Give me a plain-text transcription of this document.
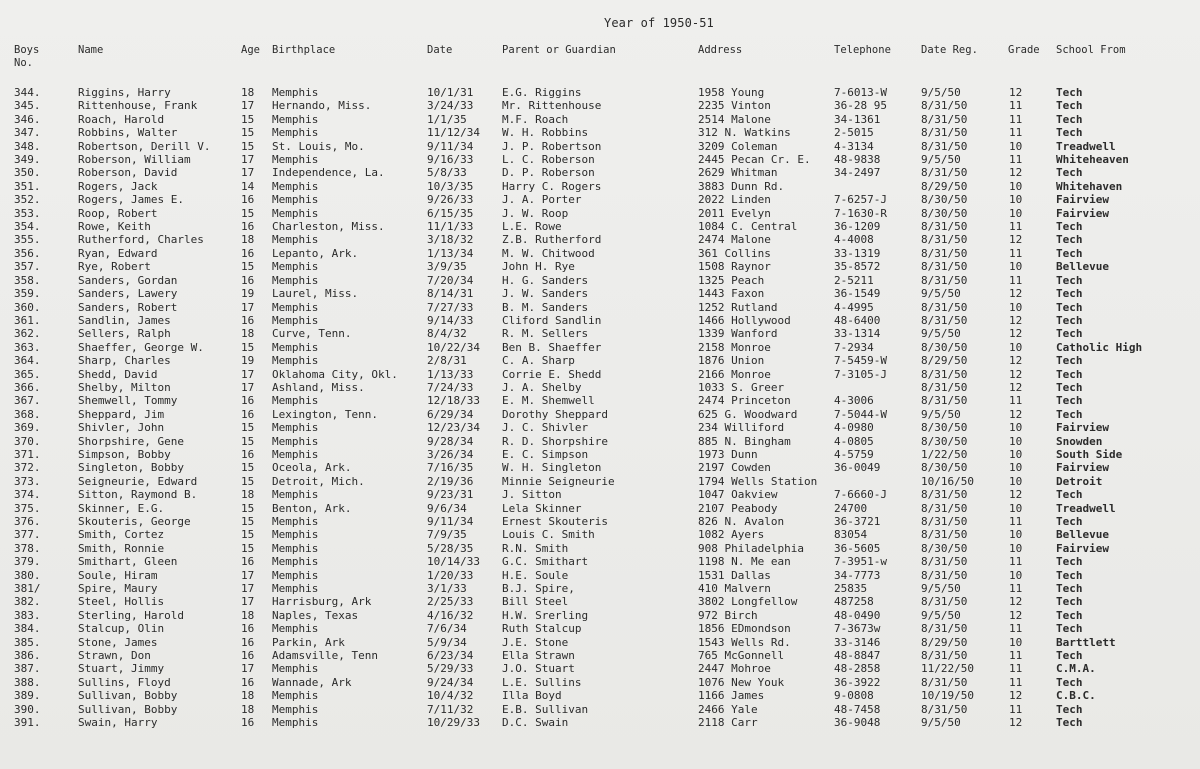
Year of 1950-51
Boys
No.
Name	Age Birthplace	Date	Parent or Guardian	Address	Telephone	Date Reg.	Grade School From
344.	Riggins, Harry	18 Memphis	10/1/31	E.G. Riggins	1958 Young	7-6013-W	9/5/50	12	Tech
345.	Rittenhouse, Frank	17 Hernando, Miss.	3/24/33	Mr. Rittenhouse	2235 Vinton	36-28 95	8/31/50	11	Tech
346.	Roach, Harold	15 Memphis	1/1/35	M.F. Roach	2514 Malone	34-1361	8/31/50	11	Tech
347.	Robbins, Walter	15 Memphis	11/12/34 W. H. Robbins	312 N. Watkins	2-5015	8/31/50	11	Tech
348.	Robertson, Derill V.	15 St. Louis, Mo.	9/11/34	J. P. Robertson	3209 Coleman	4-3134	8/31/50	10	Treadwell
349.	Roberson, William	17 Memphis	9/16/33	L. C. Roberson	2445 Pecan Cr. E. 48-9838	9/5/50	11	Whiteheaven
350.	Roberson, David	17 Independence, La.	5/8/33	D. P. Roberson	2629 Whitman	34-2497	8/31/50	12	Tech
351.	Rogers, Jack	14 Memphis	10/3/35	Harry C. Rogers	3883 Dunn Rd.	8/29/50	10	Whitehaven
352.	Rogers, James E.	16 Memphis	9/26/33	J. A. Porter	2022 Linden	7-6257-J	8/30/50	10	Fairview
353.	Roop, Robert	15 Memphis	6/15/35	J. W. Roop	2011 Evelyn	7-1630-R	8/30/50	10	Fairview
354.	Rowe, Keith	16 Charleston, Miss.	11/1/33	L.E. Rowe	1084 C. Central	36-1209	8/31/50	11	Tech
355.	Rutherford, Charles	18 Memphis	3/18/32	Z.B. Rutherford	2474 Malone	4-4008	8/31/50	12	Tech
356.	Ryan, Edward	16 Lepanto, Ark.	1/13/34	M. W. Chitwood	361 Collins	33-1319	8/31/50	11	Tech
357.	Rye, Robert	15 Memphis	3/9/35	John H. Rye	1508 Raynor	35-8572	8/31/50	10	Bellevue
358.	Sanders, Gordan	16 Memphis	7/20/34	H. G. Sanders	1325 Peach	2-5211	8/31/50	11	Tech
359.	Sanders, Lawery	19 Laurel, Miss.	8/14/31	J. W. Sanders	1443 Faxon	36-1549	9/5/50	12	Tech
360.	Sanders, Robert	17 Memphis	7/27/33	B. M. Sanders	1252 Rutland	4-4995	8/31/50	10	Tech
361.	Sandlin, James	16 Memphis	9/14/33	Cliford Sandlin	1466 Hollywood	48-6400	8/31/50	12	Tech
362.	Sellers, Ralph	18 Curve, Tenn.	8/4/32	R. M. Sellers	1339 Wanford	33-1314	9/5/50	12	Tech
363.	Shaeffer, George W.	15 Memphis	10/22/34 Ben B. Shaeffer	2158 Monroe	7-2934	8/30/50	10	Catholic High
364.	Sharp, Charles	19 Memphis	2/8/31	C. A. Sharp	1876 Union	7-5459-W	8/29/50	12	Tech
365.	Shedd, David	17 Oklahoma City, Okl.	1/13/33	Corrie E. Shedd	2166 Monroe	7-3105-J	8/31/50	12	Tech
366.	Shelby, Milton	17 Ashland, Miss.	7/24/33	J. A. Shelby	1033 S. Greer	8/31/50	12	Tech
367.	Shemwell, Tommy	16 Memphis	12/18/33 E. M. Shemwell	2474 Princeton	4-3006	8/31/50	11	Tech
368.	Sheppard, Jim	16 Lexington, Tenn.	6/29/34	Dorothy Sheppard	625 G. Woodward	7-5044-W	9/5/50	12	Tech
369.	Shivler, John	15 Memphis	12/23/34 J. C. Shivler	234 Williford	4-0980	8/30/50	10	Fairview
370.	Shorpshire, Gene	15 Memphis	9/28/34	R. D. Shorpshire	885 N. Bingham	4-0805	8/30/50	10	Snowden
371.	Simpson, Bobby	16 Memphis	3/26/34	E. C. Simpson	1973 Dunn	4-5759	1/22/50	10	South Side
372.	Singleton, Bobby	15 Oceola, Ark.	7/16/35	W. H. Singleton	2197 Cowden	36-0049	8/30/50	10	Fairview
373.	Seigneurie, Edward	15 Detroit, Mich.	2/19/36	Minnie Seigneurie	1794 Wells Station	10/16/50	10	Detroit
374.	Sitton, Raymond B.	18 Memphis	9/23/31	J. Sitton	1047 Oakview	7-6660-J	8/31/50	12	Tech
375.	Skinner, E.G.	15 Benton, Ark.	9/6/34	Lela Skinner	2107 Peabody	24700	8/31/50	10	Treadwell
376.	Skouteris, George	15 Memphis	9/11/34	Ernest Skouteris	826 N. Avalon	36-3721	8/31/50	11	Tech
377.	Smith, Cortez	15 Memphis	7/9/35	Louis C. Smith	1082 Ayers	83054	8/31/50	10	Bellevue
378.	Smith, Ronnie	15 Memphis	5/28/35	R.N. Smith	908 Philadelphia	36-5605	8/30/50	10	Fairview
379.	Smithart, Gleen	16 Memphis	10/14/33 G.C. Smithart	1198 N. Me ean	7-3951-w	8/31/50	11	Tech
380.	Soule, Hiram	17 Memphis	1/20/33	H.E. Soule	1531 Dallas	34-7773	8/31/50	10	Tech
381/	Spire, Maury	17 Memphis	3/1/33	B.J. Spire,	410 Malvern	25835	9/5/50	11	Tech
382.	Steel, Hollis	17 Harrisburg, Ark	2/25/33	Bill Steel	3802 Longfellow	487258	8/31/50	12	Tech
383.	Sterling, Harold	18 Naples, Texas	4/16/32	H.W. Srerling	972 Birch	48-0490	9/5/50	12	Tech
384.	Stalcup, Olin	16 Memphis	7/6/34	Ruth Stalcup	1856 EDmondson	7-3673w	8/31/50	11	Tech
385.	Stone, James	16 Parkin, Ark	5/9/34	J.E. Stone	1543 Wells Rd.	33-3146	8/29/50	10	Barttlett
386.	Strawn, Don	16 Adamsville, Tenn	6/23/34	Ella Strawn	765 McGonnell	48-8847	8/31/50	11	Tech
387.	Stuart, Jimmy	17 Memphis	5/29/33	J.O. Stuart	2447 Mohroe	48-2858	11/22/50	11	C.M.A.
388.	Sullins, Floyd	16 Wannade, Ark	9/24/34	L.E. Sullins	1076 New Youk	36-3922	8/31/50	11	Tech
389.	Sullivan, Bobby	18 Memphis	10/4/32	Illa Boyd	1166 James	9-0808	10/19/50	12	C.B.C.
390.	Sullivan, Bobby	18 Memphis	7/11/32	E.B. Sullivan	2466 Yale	48-7458	8/31/50	11	Tech
391.	Swain, Harry	16 Memphis	10/29/33 D.C. Swain	2118 Carr	36-9048	9/5/50	12	Tech
